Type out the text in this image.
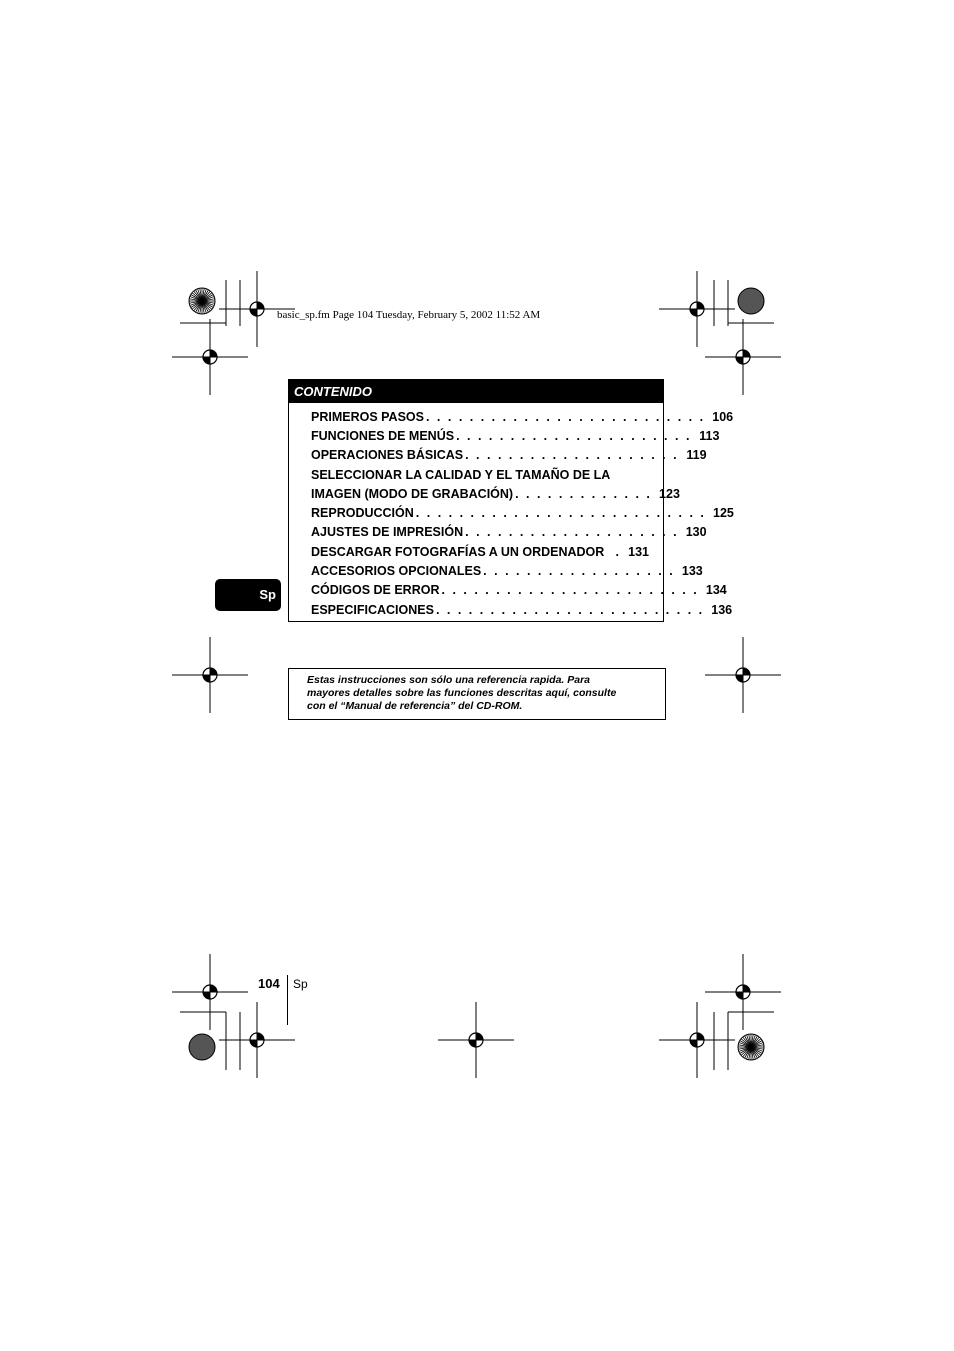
basic_sp.fm Page 104 Tuesday, February 5, 2002 11:52 AM
CONTENIDO
PRIMEROS PASOS . . . . . . . . . . . . . . . . . . . . . . . . . . 106
FUNCIONES DE MENÚS . . . . . . . . . . . . . . . . . . . . . . 113
OPERACIONES BÁSICAS . . . . . . . . . . . . . . . . . . . . 119
SELECCIONAR LA CALIDAD Y EL TAMAÑO DE LA
IMAGEN (MODO DE GRABACIÓN) . . . . . . . . . . . . . 123
REPRODUCCIÓN . . . . . . . . . . . . . . . . . . . . . . . . . . . 125
AJUSTES DE IMPRESIÓN . . . . . . . . . . . . . . . . . . . . 130
DESCARGAR FOTOGRAFÍAS A UN ORDENADOR . 131
ACCESORIOS OPCIONALES . . . . . . . . . . . . . . . . . . 133
CÓDIGOS DE ERROR . . . . . . . . . . . . . . . . . . . . . . . . 134
ESPECIFICACIONES . . . . . . . . . . . . . . . . . . . . . . . . . 136
Sp
Estas instrucciones son sólo una referencia rapida. Para
mayores detalles sobre las funciones descritas aquí, consulte
con el “Manual de referencia” del CD-ROM.
104 Sp
